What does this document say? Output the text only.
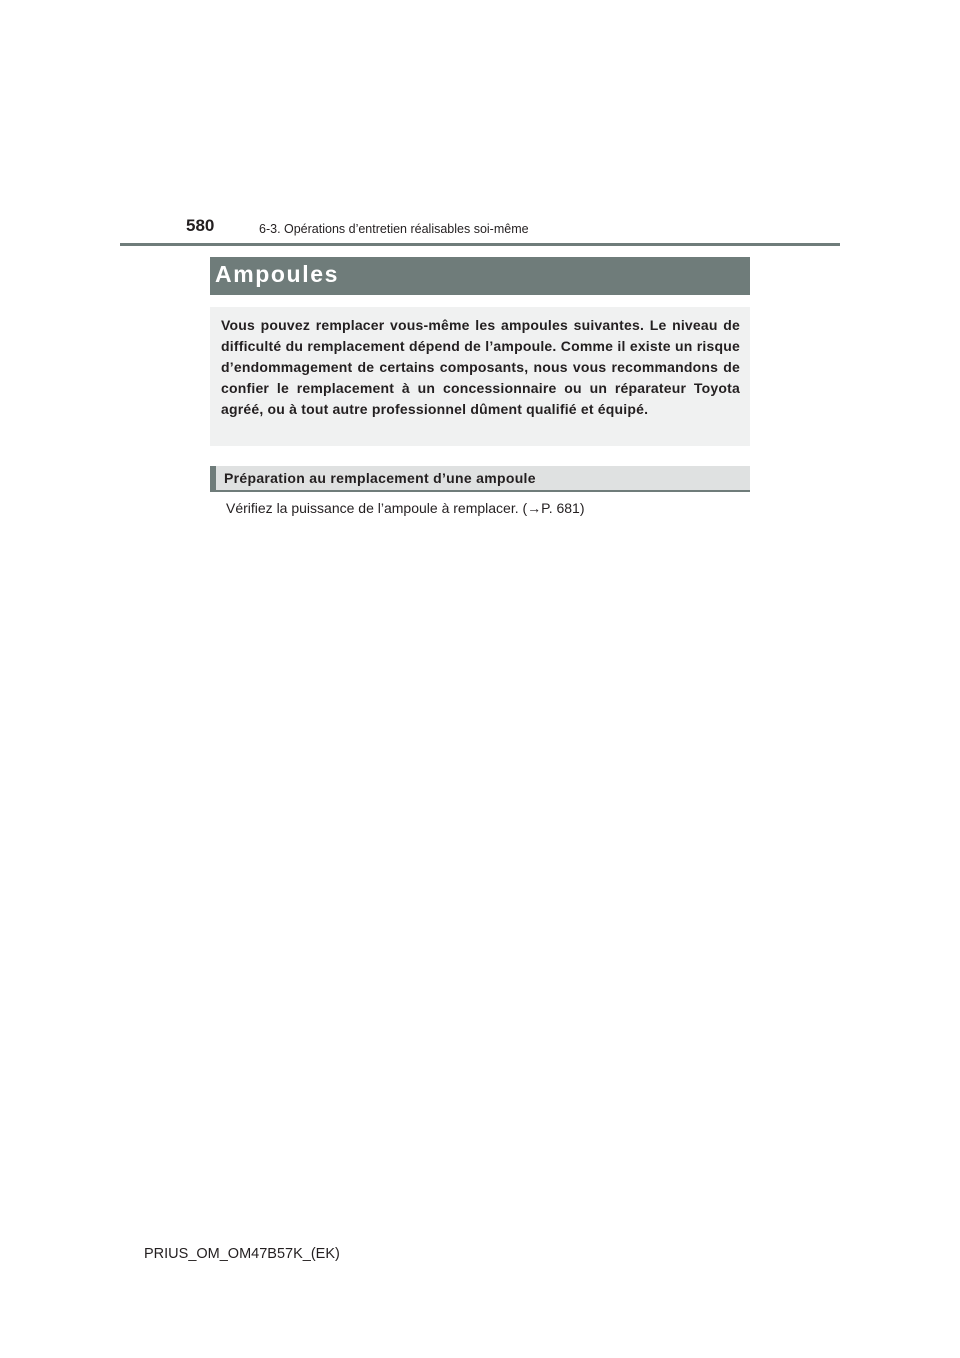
580	6-3. Opérations d’entretien réalisables soi-même
Ampoules

Vous pouvez remplacer vous-même les ampoules suivantes. Le niveau de difficulté du remplacement dépend de l’ampoule. Comme il existe un risque d’endommagement de certains composants, nous vous recommandons de confier le remplacement à un concessionnaire ou un réparateur Toyota agréé, ou à tout autre professionnel dûment qualifié et équipé.

Préparation au remplacement d’une ampoule
Vérifiez la puissance de l’ampoule à remplacer. (→P. 681)
PRIUS_OM_OM47B57K_(EK)
